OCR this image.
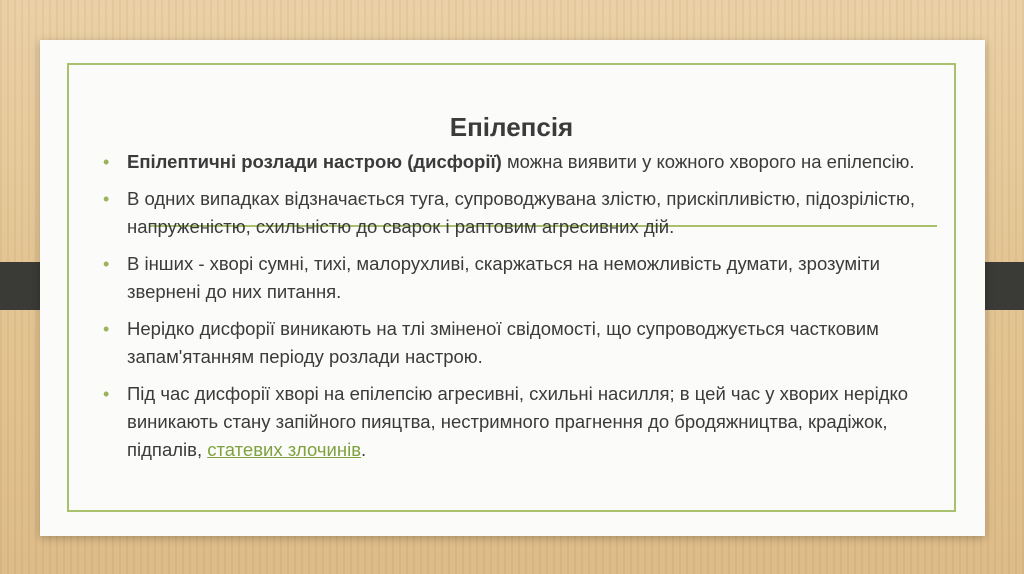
Епілепсія
• Епілептичні розлади настрою (дисфорії) можна виявити у кожного хворого на епілепсію.
• В одних випадках відзначається туга, супроводжувана злістю, прискіпливістю, підозрілістю, напруженістю, схильністю до сварок і раптовим агресивних дій.
• В інших - хворі сумні, тихі, малорухливі, скаржаться на неможливість думати, зрозуміти звернені до них питання.
• Нерідко дисфорії виникають на тлі зміненої свідомості, що супроводжується частковим запам'ятанням періоду розлади настрою.
• Під час дисфорії хворі на епілепсію агресивні, схильні насилля; в цей час у хворих нерідко виникають стану запійного пияцтва, нестримного прагнення до бродяжництва, крадіжок, підпалів, статевих злочинів.
